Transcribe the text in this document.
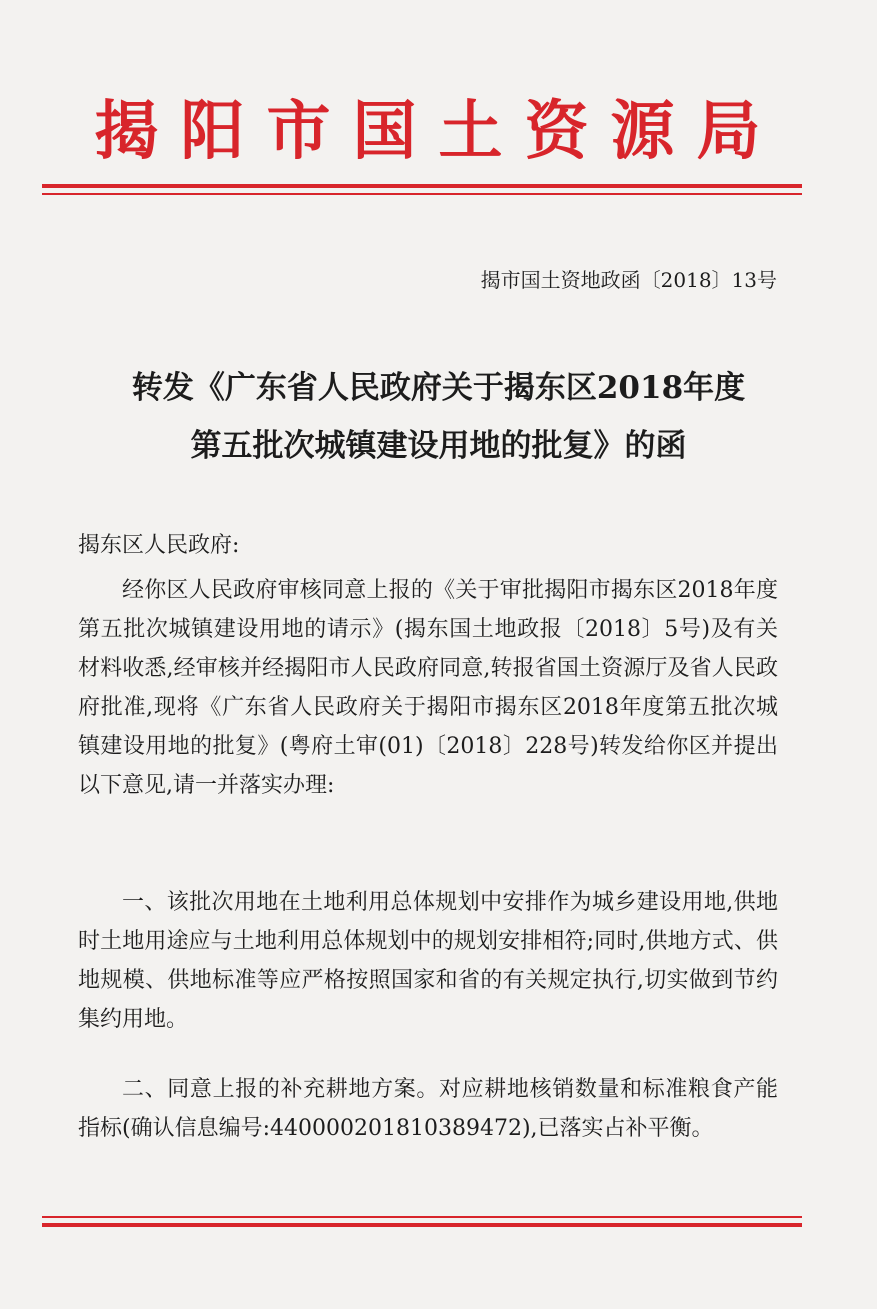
揭阳市国土资源局
揭市国土资地政函〔2018〕13号
转发《广东省人民政府关于揭东区2018年度
第五批次城镇建设用地的批复》的函
揭东区人民政府:
经你区人民政府审核同意上报的《关于审批揭阳市揭东区2018年度第五批次城镇建设用地的请示》(揭东国土地政报〔2018〕5号)及有关材料收悉,经审核并经揭阳市人民政府同意,转报省国土资源厅及省人民政府批准,现将《广东省人民政府关于揭阳市揭东区2018年度第五批次城镇建设用地的批复》(粤府土审(01)〔2018〕228号)转发给你区并提出以下意见,请一并落实办理:
一、该批次用地在土地利用总体规划中安排作为城乡建设用地,供地时土地用途应与土地利用总体规划中的规划安排相符;同时,供地方式、供地规模、供地标准等应严格按照国家和省的有关规定执行,切实做到节约集约用地。
二、同意上报的补充耕地方案。对应耕地核销数量和标准粮食产能指标(确认信息编号:440000201810389472),已落实占补平衡。
